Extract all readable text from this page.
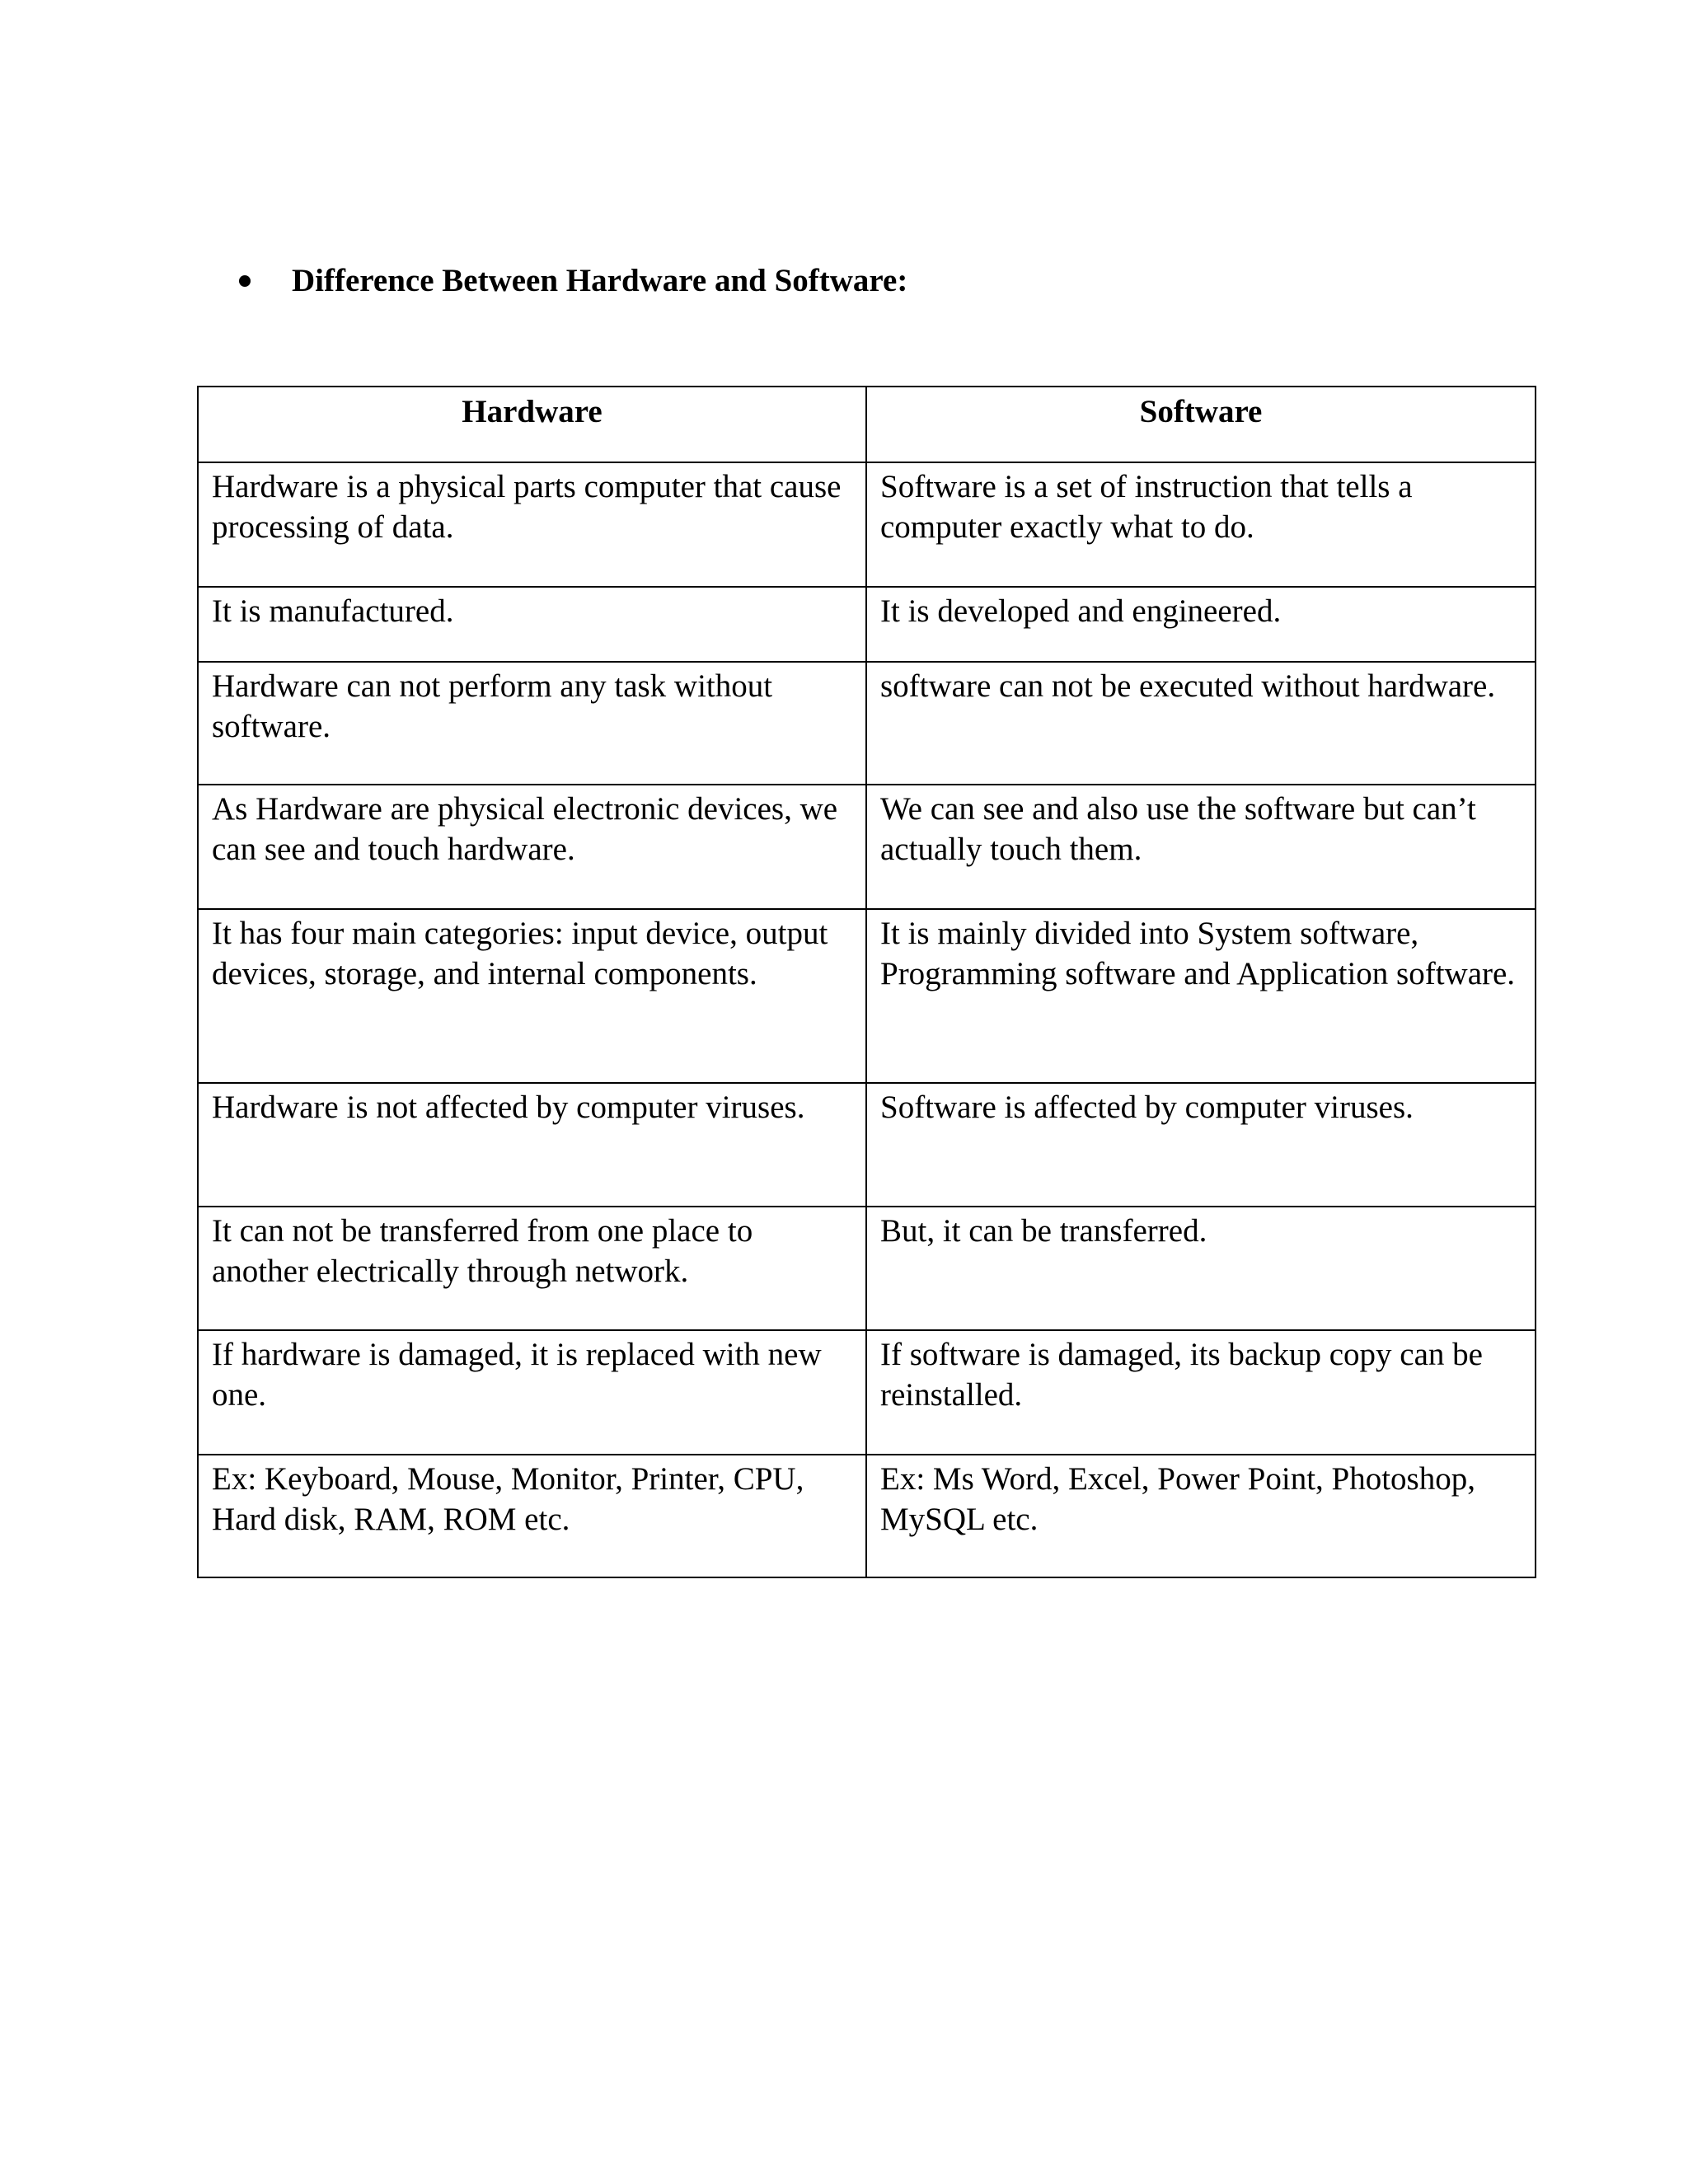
Difference Between Hardware and Software:
Hardware	Software
Hardware is a physical parts computer that cause processing of data.	Software is a set of instruction that tells a computer exactly what to do.
It is manufactured.	It is developed and engineered.
Hardware can not perform any task without software.	software can not be executed without hardware.
As Hardware are physical electronic devices, we can see and touch hardware.	We can see and also use the software but can’t actually touch them.
It has four main categories: input device, output devices, storage, and internal components.	It is mainly divided into System software, Programming software and Application software.
Hardware is not affected by computer viruses.	Software is affected by computer viruses.
It can not be transferred from one place to another electrically through network.	But, it can be transferred.
If hardware is damaged, it is replaced with new one.	If software is damaged, its backup copy can be reinstalled.
Ex: Keyboard, Mouse, Monitor, Printer, CPU, Hard disk, RAM, ROM etc.	Ex: Ms Word, Excel, Power Point, Photoshop, MySQL etc.
